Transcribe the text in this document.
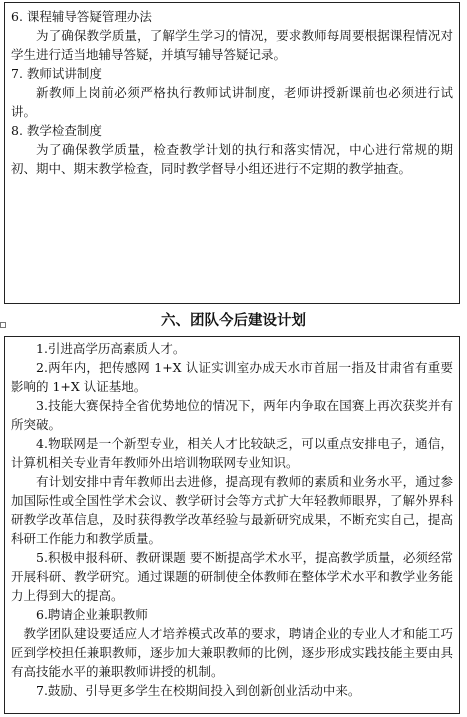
6. 课程辅导答疑管理办法
为了确保教学质量，了解学生学习的情况，要求教师每周要根据课程情况对学生进行适当地辅导答疑，并填写辅导答疑记录。
7. 教师试讲制度
新教师上岗前必须严格执行教师试讲制度，老师讲授新课前也必须进行试讲。
8. 教学检查制度
为了确保教学质量，检查教学计划的执行和落实情况，中心进行常规的期初、期中、期末教学检查，同时教学督导小组还进行不定期的教学抽查。
六、团队今后建设计划
1.引进高学历高素质人才。
2.两年内，把传感网 1+X 认证实训室办成天水市首屈一指及甘肃省有重要影响的 1+X 认证基地。
3.技能大赛保持全省优势地位的情况下，两年内争取在国赛上再次获奖并有所突破。
4.物联网是一个新型专业，相关人才比较缺乏，可以重点安排电子，通信，计算机相关专业青年教师外出培训物联网专业知识。
有计划安排中青年教师出去进修，提高现有教师的素质和业务水平，通过参加国际性或全国性学术会议、教学研讨会等方式扩大年轻教师眼界，了解外界科研教学改革信息，及时获得教学改革经验与最新研究成果，不断充实自己，提高科研工作能力和教学质量。
5.积极申报科研、教研课题 要不断提高学术水平，提高教学质量，必须经常开展科研、教学研究。通过课题的研制使全体教师在整体学术水平和教学业务能力上得到大的提高。
6.聘请企业兼职教师
教学团队建设要适应人才培养模式改革的要求，聘请企业的专业人才和能工巧匠到学校担任兼职教师，逐步加大兼职教师的比例，逐步形成实践技能主要由具有高技能水平的兼职教师讲授的机制。
7.鼓励、引导更多学生在校期间投入到创新创业活动中来。
